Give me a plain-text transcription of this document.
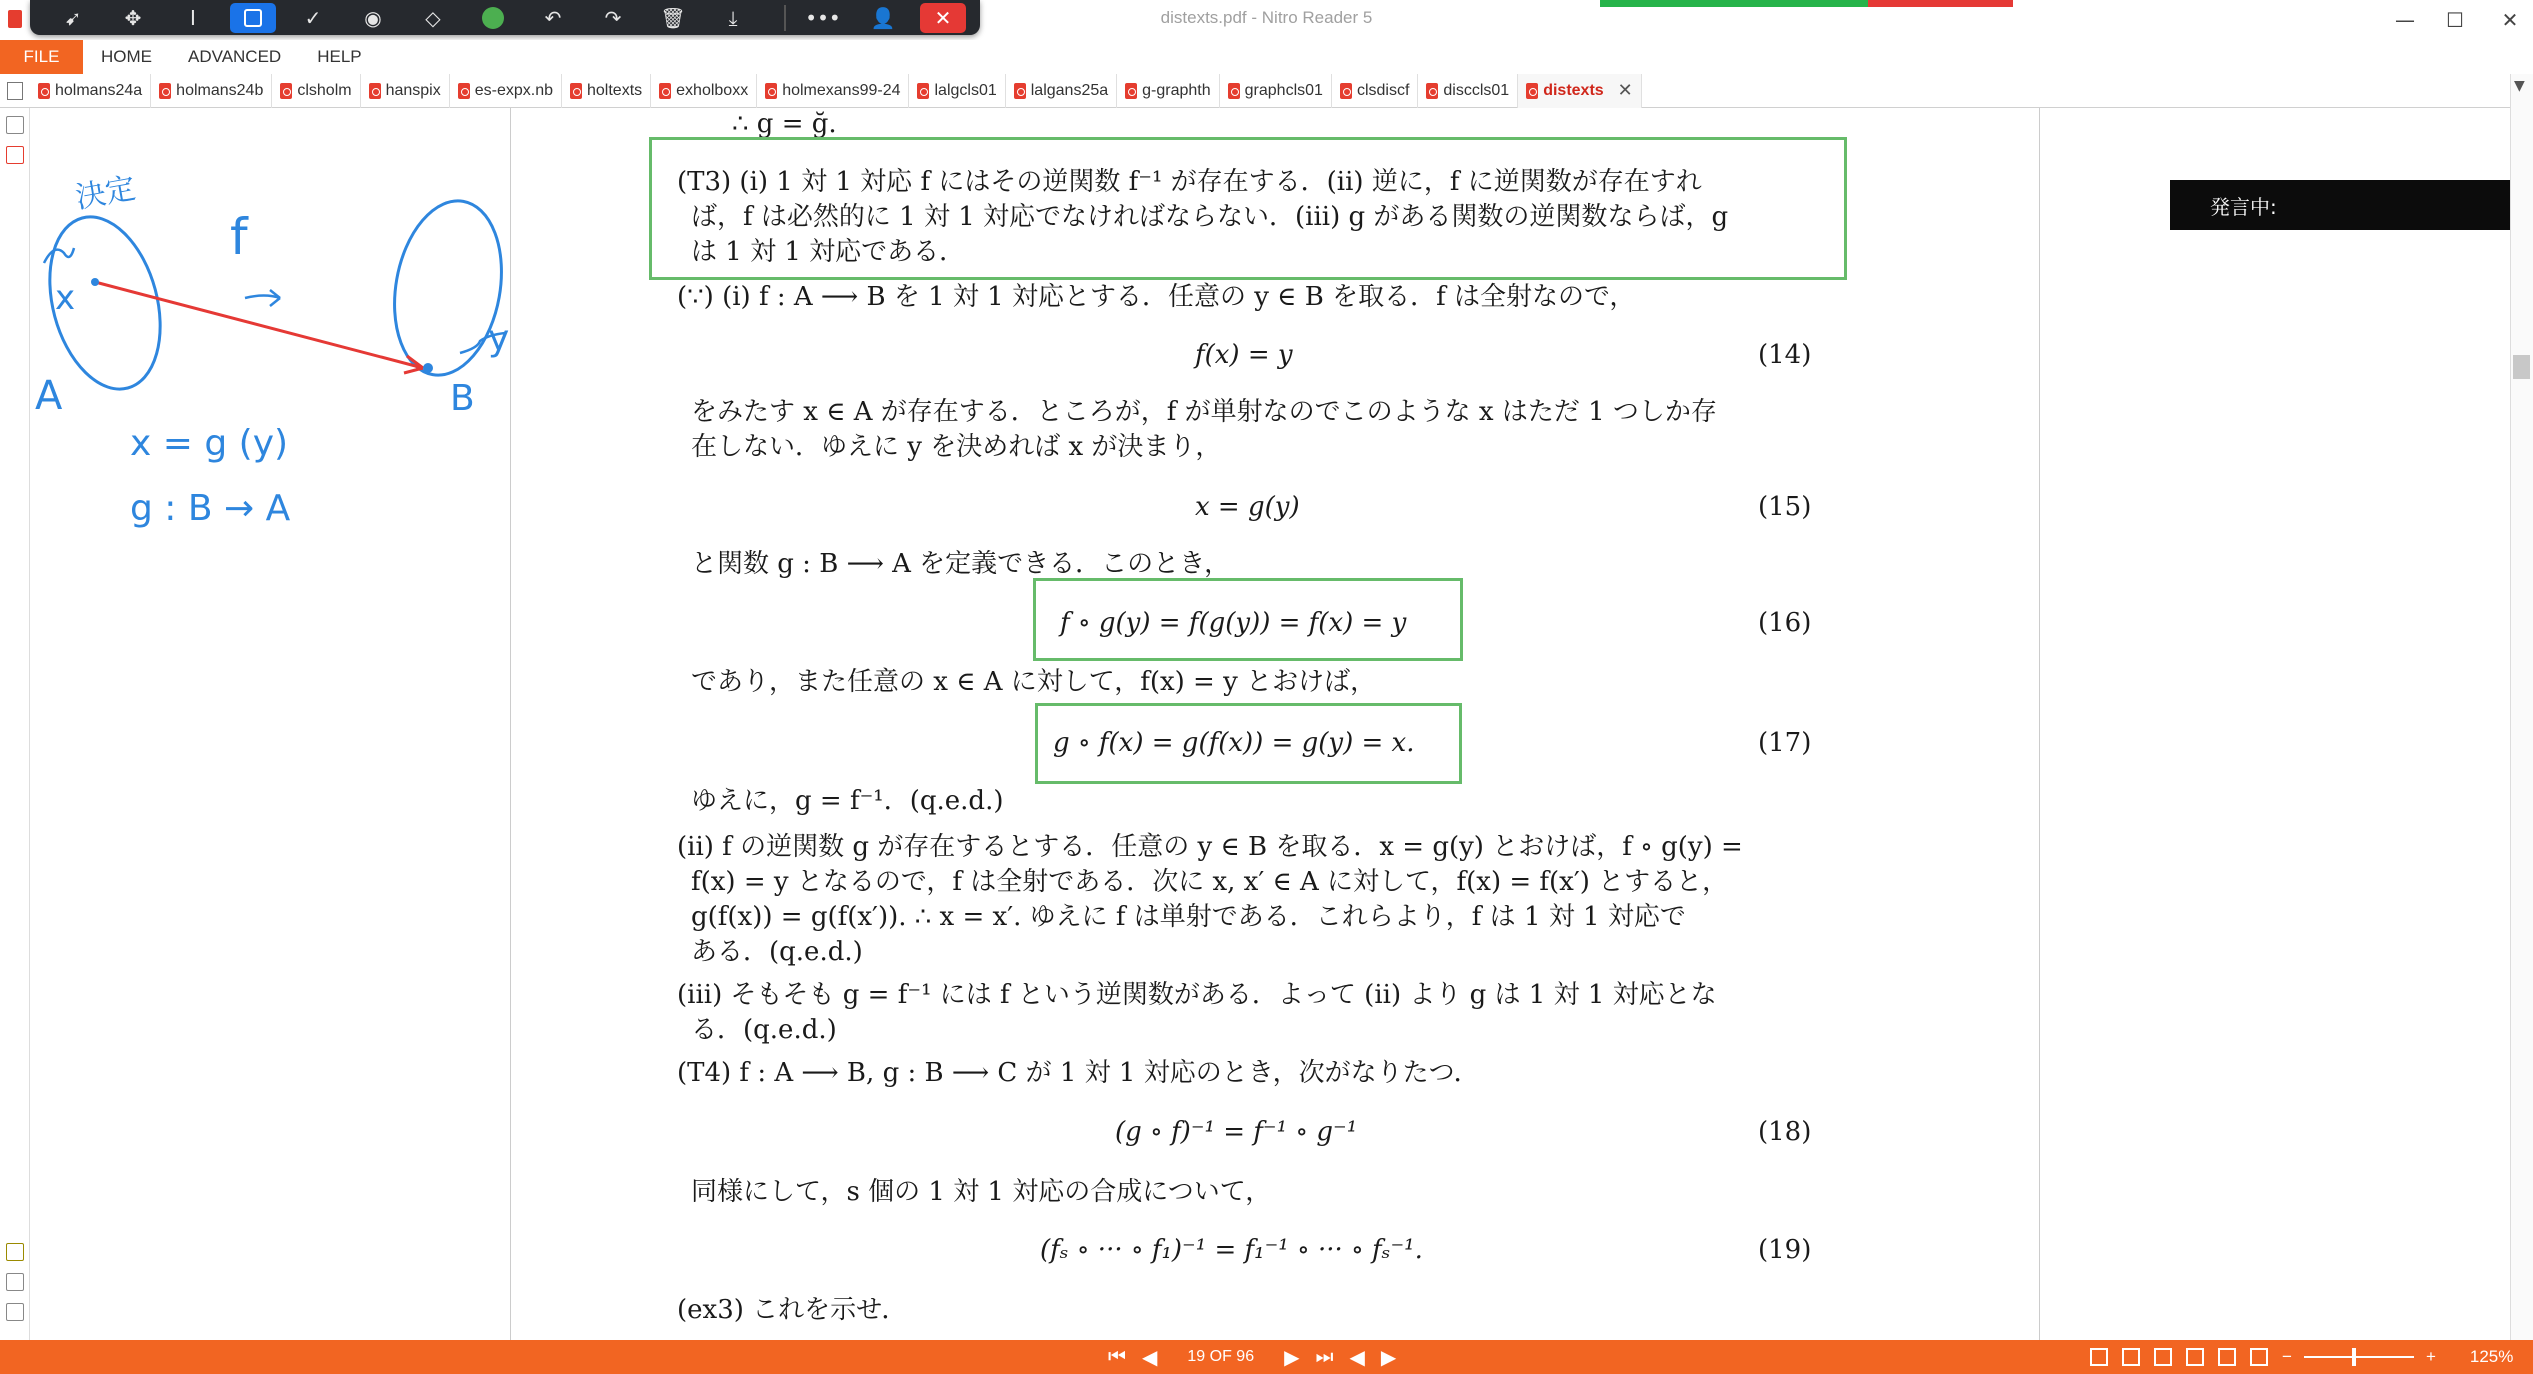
distexts.pdf - Nitro Reader 5	—	☐	✕
➹	✥	I	✓	◉	◇	↶	↷	🗑	⤓	•••	👤	✕
FILE	HOME	ADVANCED	HELP
holmans24a holmans24b clsholm hanspix es-expx.nb holtexts exholboxx holmexans99-24 lalgcls01 lalgans25a g-graphth graphcls01 clsdiscf disccls01 distexts ✕
決定
f
x
A	B
x = g (y)
g : B → A
y
∴ g = ğ.
(T3) (i) 1 対 1 対応 f にはその逆関数 f⁻¹ が存在する．(ii) 逆に，f に逆関数が存在すれ
ば，f は必然的に 1 対 1 対応でなければならない．(iii) g がある関数の逆関数ならば，g
は 1 対 1 対応である．
(∵) (i) f : A ⟶ B を 1 対 1 対応とする．任意の y ∈ B を取る．f は全射なので，
f(x) = y	(14)
をみたす x ∈ A が存在する．ところが，f が単射なのでこのような x はただ 1 つしか存
在しない．ゆえに y を決めれば x が決まり，
x = g(y)	(15)
と関数 g : B ⟶ A を定義できる．このとき，
f ∘ g(y) = f(g(y)) = f(x) = y	(16)
であり，また任意の x ∈ A に対して，f(x) = y とおけば，
g ∘ f(x) = g(f(x)) = g(y) = x.	(17)
ゆえに，g = f⁻¹．(q.e.d.)
(ii) f の逆関数 g が存在するとする．任意の y ∈ B を取る．x = g(y) とおけば，f ∘ g(y) =
f(x) = y となるので，f は全射である．次に x, x′ ∈ A に対して，f(x) = f(x′) とすると，
g(f(x)) = g(f(x′)). ∴ x = x′. ゆえに f は単射である．これらより，f は 1 対 1 対応で
ある．(q.e.d.)
(iii) そもそも g = f⁻¹ には f という逆関数がある．よって (ii) より g は 1 対 1 対応とな
る．(q.e.d.)
(T4) f : A ⟶ B, g : B ⟶ C が 1 対 1 対応のとき，次がなりたつ．
(g ∘ f)⁻¹ = f⁻¹ ∘ g⁻¹	(18)
同様にして，s 個の 1 対 1 対応の合成について，
(fₛ ∘ ··· ∘ f₁)⁻¹ = f₁⁻¹ ∘ ··· ∘ fₛ⁻¹.	(19)
(ex3) これを示せ．
発言中:
▼
⏮ ◀ 19 OF 96 ▶ ⏭ ◀ ▶	−	+ 125%
